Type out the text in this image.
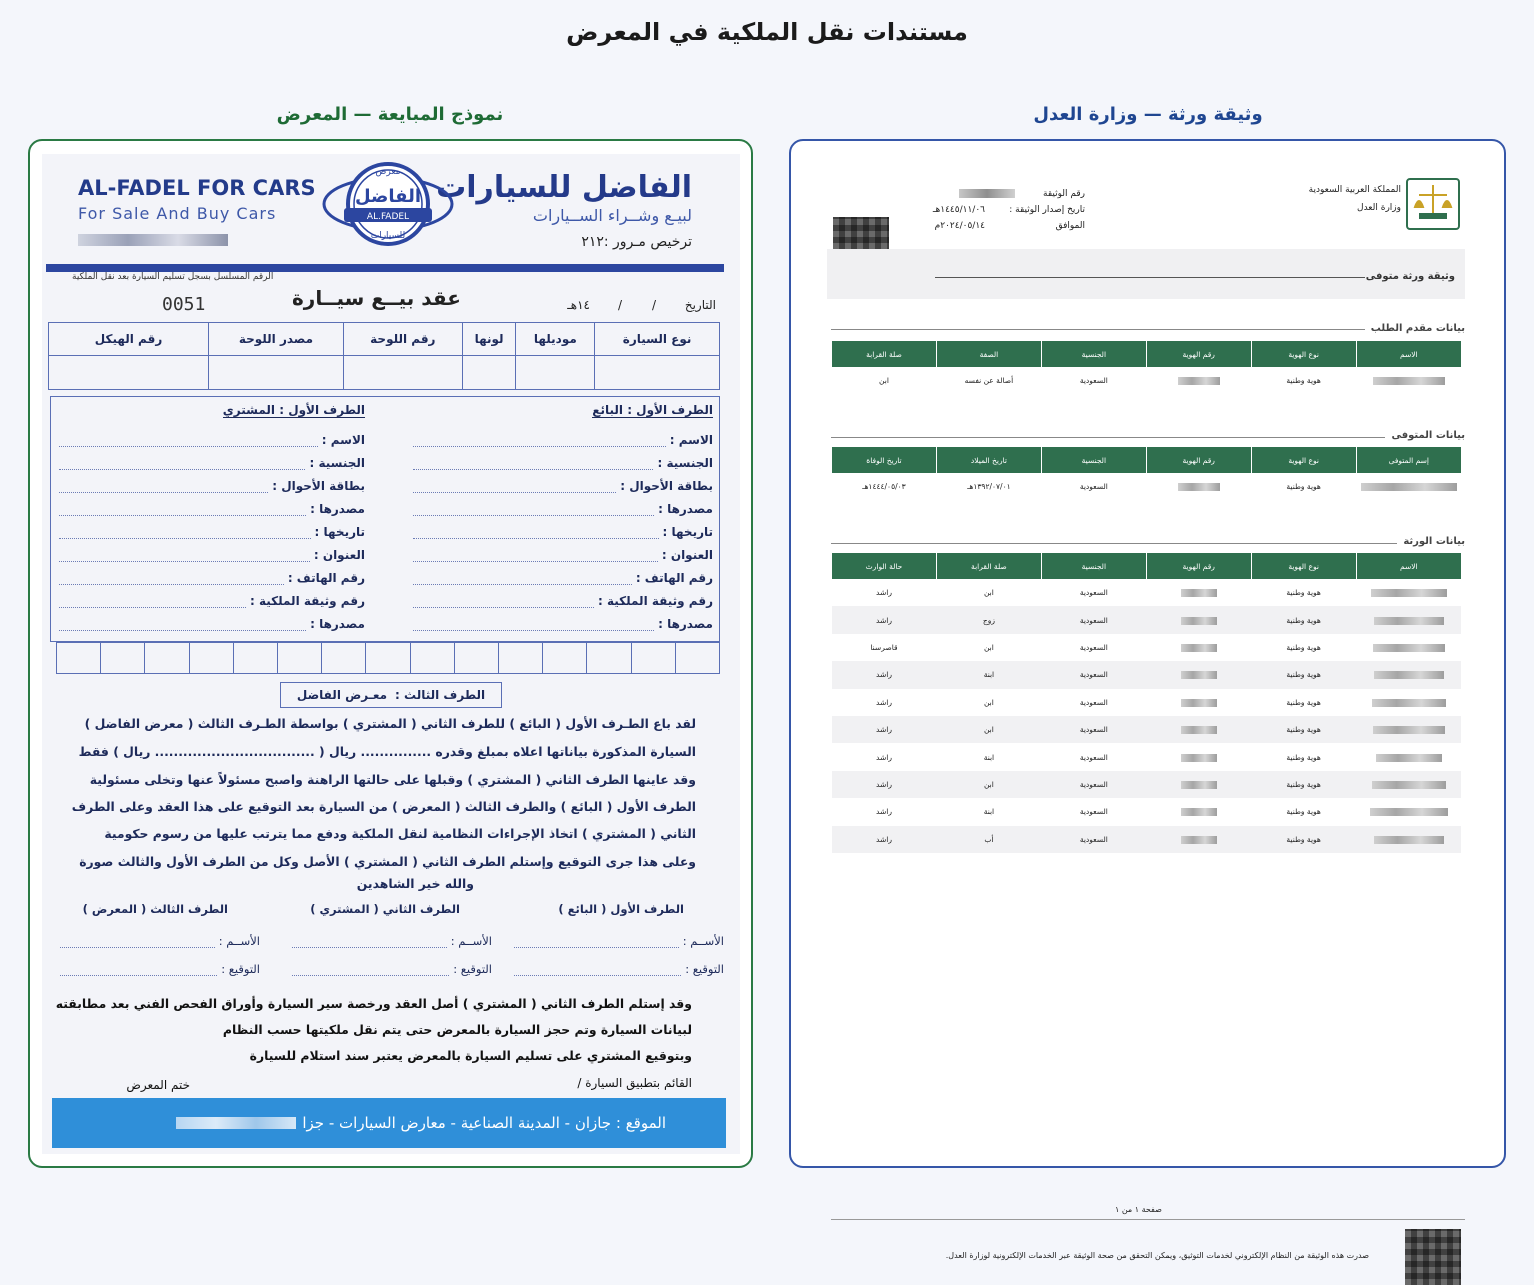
مستندات نقل الملكية في المعرض
نموذج المبايعة — المعرض	وثيقة ورثة — وزارة العدل
الفاضل للسيارات
لبيـع وشــراء الســيارات
ترخيص مـرور :٢١٢
AL-FADEL FOR CARS
For Sale And Buy Cars
معرض
الفاضل
AL.FADEL
للسيارات
الرقم المسلسل بسجل تسليم السيارة بعد نقل الملكية
0051	عقد بيــع سيــارة	التاريخ
/
/
١٤هـ
نوع السيارة	موديلها	لونها	رقم اللوحة	مصدر اللوحة	رقم الهيكل

الطرف الأول : البائع
الطرف الأول : المشتري
الاسم :
الجنسية :
بطاقة الأحوال :
مصدرها :
تاريخها :
العنوان :
رقم الهاتف :
رقم وثيقة الملكية :
مصدرها :
الاسم :
الجنسية :
بطاقة الأحوال :
مصدرها :
تاريخها :
العنوان :
رقم الهاتف :
رقم وثيقة الملكية :
مصدرها :
الطرف الثالث :
معـرض الفاضل
لقد باع الطـرف الأول ( البائع ) للطرف الثاني ( المشتري ) بواسطة الطـرف الثالث ( معرض الفاضل )
السيارة المذكورة بياناتها اعلاه بمبلغ وقدره ............... ريال ( .................................. ريال ) فقط
وقد عاينها الطرف الثاني ( المشتري ) وقبلها على حالتها الراهنة واصبح مسئولاً عنها وتخلى مسئولية
الطرف الأول ( البائع ) والطرف الثالث ( المعرض ) من السيارة بعد التوقيع على هذا العقد وعلى الطرف
الثاني ( المشتري ) اتخاذ الإجراءات النظامية لنقل الملكية ودفع مما يترتب عليها من رسوم حكومية
وعلى هذا جرى التوقيع وإستلم الطرف الثاني ( المشتري ) الأصل وكل من الطرف الأول والثالث صورة
والله خير الشاهدين
الطرف الأول ( البائع )
الطرف الثاني ( المشتري )
الطرف الثالث ( المعرض )
الأســم :
الأســم :
الأســم :
التوقيع :
التوقيع :
التوقيع :
وقد إستلم الطرف الثاني ( المشتري ) أصل العقد ورخصة سير السيارة وأوراق الفحص الفني بعد مطابقته
لبيانات السيارة وتم حجز السيارة بالمعرض حتى يتم نقل ملكيتها حسب النظام
وبتوقيع المشتري على تسليم السيارة بالمعرض يعتبر سند استلام للسيارة
القائم بتطبيق السيارة /
ختم المعرض
الموقع : جازان - المدينة الصناعية - معارض السيارات - جزا
المملكة العربية السعودية
وزارة العدل
رقم الوثيقة
تاريخ إصدار الوثيقة :
١٤٤٥/١١/٠٦هـ
الموافق
٢٠٢٤/٠٥/١٤م
وثيقة ورثة متوفى
بيانات مقدم الطلب
الاسم	نوع الهوية	رقم الهوية	الجنسية	الصفة	صلة القرابة
	هوية وطنية		السعودية	أصالة عن نفسه	ابن
بيانات المتوفى
إسم المتوفى	نوع الهوية	رقم الهوية	الجنسية	تاريخ الميلاد	تاريخ الوفاة
	هوية وطنية		السعودية	١٣٩٢/٠٧/٠١هـ	١٤٤٤/٠٥/٠٣هـ
بيانات الورثة
الاسم	نوع الهوية	رقم الهوية	الجنسية	صلة القرابة	حالة الوارث
	هوية وطنية		السعودية	ابن	راشد
	هوية وطنية		السعودية	زوج	راشد
	هوية وطنية		السعودية	ابن	قاصرسنا
	هوية وطنية		السعودية	ابنة	راشد
	هوية وطنية		السعودية	ابن	راشد
	هوية وطنية		السعودية	ابن	راشد
	هوية وطنية		السعودية	ابنة	راشد
	هوية وطنية		السعودية	ابن	راشد
	هوية وطنية		السعودية	ابنة	راشد
	هوية وطنية		السعودية	أب	راشد
صفحة ١ من ١
صدرت هذه الوثيقة من النظام الإلكتروني لخدمات التوثيق، ويمكن التحقق من صحة الوثيقة عبر الخدمات الإلكترونية لوزارة العدل.
